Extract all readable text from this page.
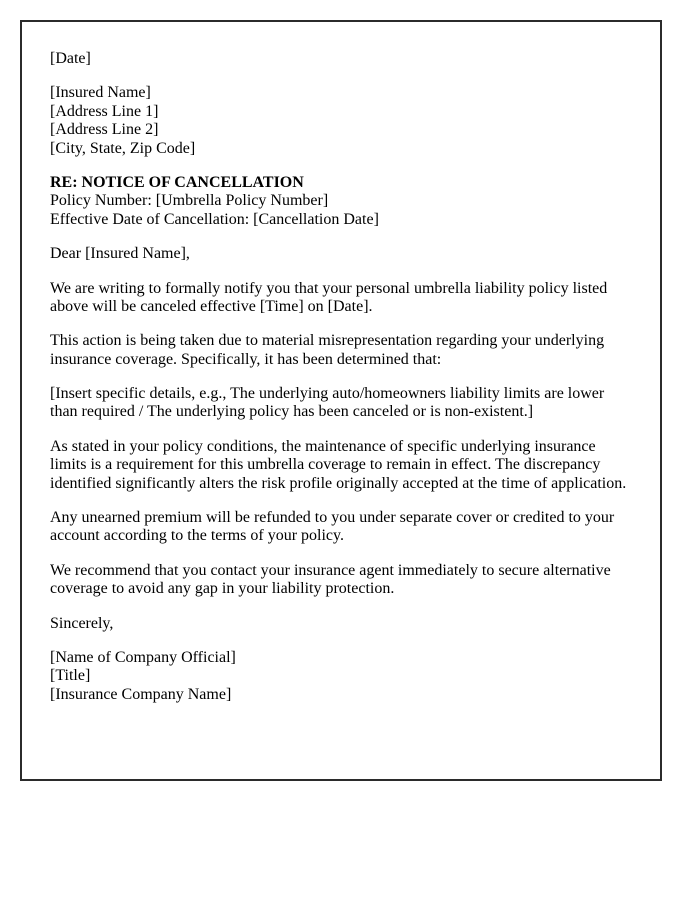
[Date]

[Insured Name]
[Address Line 1]
[Address Line 2]
[City, State, Zip Code]

RE: NOTICE OF CANCELLATION
Policy Number: [Umbrella Policy Number]
Effective Date of Cancellation: [Cancellation Date]

Dear [Insured Name],

We are writing to formally notify you that your personal umbrella liability policy listed above will be canceled effective [Time] on [Date].

This action is being taken due to material misrepresentation regarding your underlying insurance coverage. Specifically, it has been determined that:

[Insert specific details, e.g., The underlying auto/homeowners liability limits are lower than required / The underlying policy has been canceled or is non-existent.]

As stated in your policy conditions, the maintenance of specific underlying insurance limits is a requirement for this umbrella coverage to remain in effect. The discrepancy identified significantly alters the risk profile originally accepted at the time of application.

Any unearned premium will be refunded to you under separate cover or credited to your account according to the terms of your policy.

We recommend that you contact your insurance agent immediately to secure alternative coverage to avoid any gap in your liability protection.

Sincerely,

[Name of Company Official]
[Title]
[Insurance Company Name]
